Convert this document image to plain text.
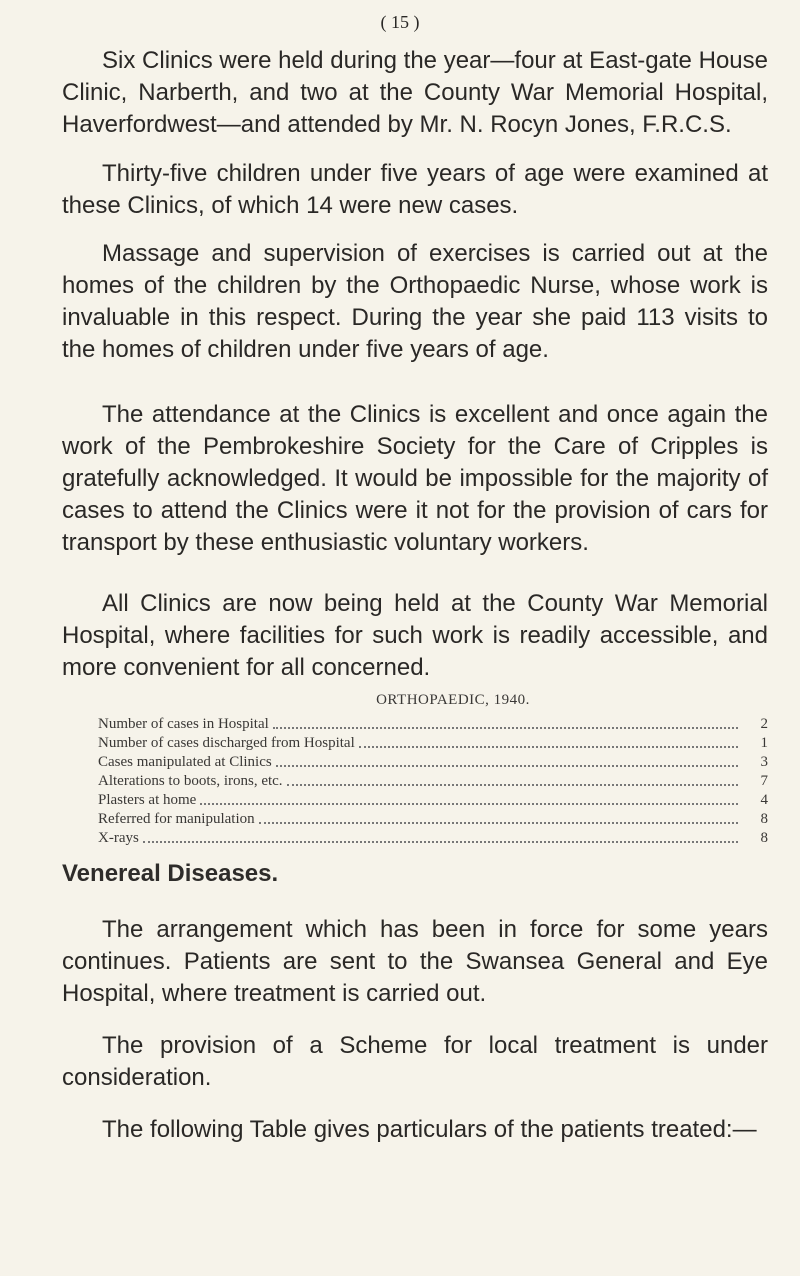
( 15 )

Six Clinics were held during the year—four at East-gate House Clinic, Narberth, and two at the County War Memorial Hospital, Haverfordwest—and attended by Mr. N. Rocyn Jones, F.R.C.S.

Thirty-five children under five years of age were examined at these Clinics, of which 14 were new cases.

Massage and supervision of exercises is carried out at the homes of the children by the Orthopaedic Nurse, whose work is invaluable in this respect. During the year she paid 113 visits to the homes of children under five years of age.

The attendance at the Clinics is excellent and once again the work of the Pembrokeshire Society for the Care of Cripples is gratefully acknowledged. It would be impossible for the majority of cases to attend the Clinics were it not for the provision of cars for transport by these enthusiastic voluntary workers.

All Clinics are now being held at the County War Memorial Hospital, where facilities for such work is readily accessible, and more convenient for all concerned.

ORTHOPAEDIC, 1940.
Number of cases in Hospital	2
Number of cases discharged from Hospital	1
Cases manipulated at Clinics	3
Alterations to boots, irons, etc.	7
Plasters at home	4
Referred for manipulation	8
X-rays	8
Venereal Diseases.

The arrangement which has been in force for some years continues. Patients are sent to the Swansea General and Eye Hospital, where treatment is carried out.

The provision of a Scheme for local treatment is under consideration.

The following Table gives particulars of the patients treated:—
